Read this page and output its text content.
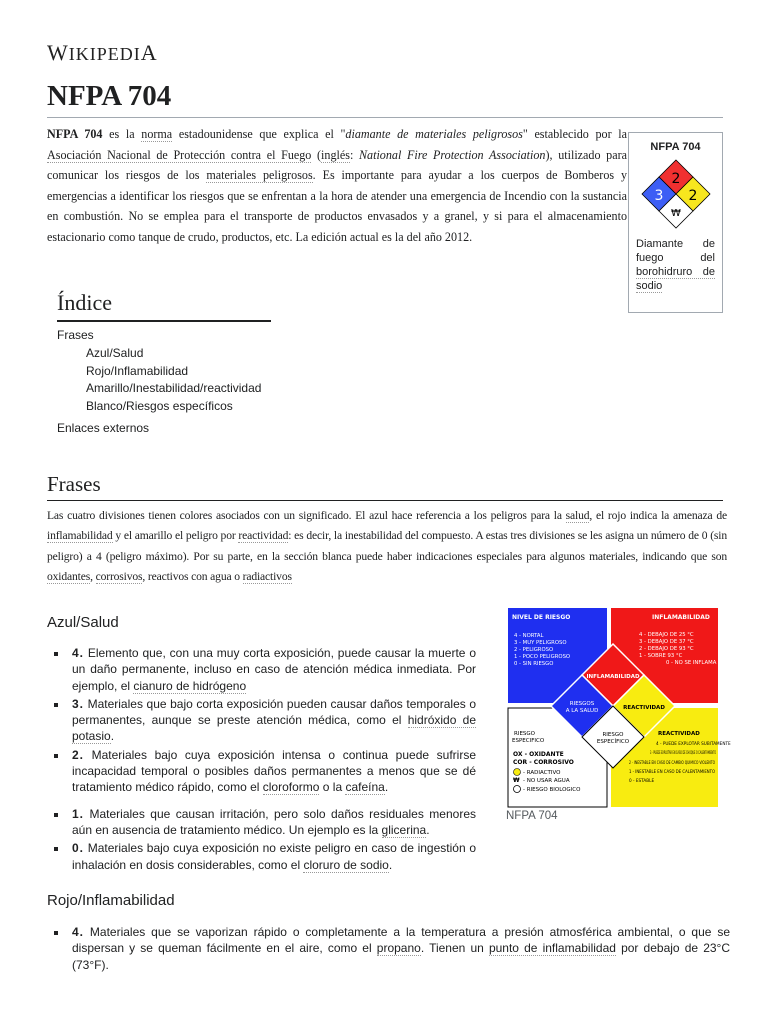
WIKIPEDIA
NFPA 704
NFPA 704 es la norma estadounidense que explica el "diamante de materiales peligrosos" establecido por la Asociación Nacional de Protección contra el Fuego (inglés: National Fire Protection Association), utilizado para comunicar los riesgos de los materiales peligrosos. Es importante para ayudar a los cuerpos de Bomberos y emergencias a identificar los riesgos que se enfrentan a la hora de atender una emergencia de Incendio con la sustancia en combustión. No se emplea para el transporte de productos envasados y a granel, y si para el almacenamiento estacionario como tanque de crudo, productos, etc. La edición actual es la del año 2012.
NFPA 704
2
3 2
₩
Diamante de fuego del borohidruro de sodio
Índice
Frases
Azul/Salud
Rojo/Inflamabilidad
Amarillo/Inestabilidad/reactividad
Blanco/Riesgos específicos
Enlaces externos
Frases
Las cuatro divisiones tienen colores asociados con un significado. El azul hace referencia a los peligros para la salud, el rojo indica la amenaza de inflamabilidad y el amarillo el peligro por reactividad: es decir, la inestabilidad del compuesto. A estas tres divisiones se les asigna un número de 0 (sin peligro) a 4 (peligro máximo). Por su parte, en la sección blanca puede haber indicaciones especiales para algunos materiales, indicando que son oxidantes, corrosivos, reactivos con agua o radiactivos
Azul/Salud
4. Elemento que, con una muy corta exposición, puede causar la muerte o un daño permanente, incluso en caso de atención médica inmediata. Por ejemplo, el cianuro de hidrógeno
3. Materiales que bajo corta exposición pueden causar daños temporales o permanentes, aunque se preste atención médica, como el hidróxido de potasio.
2. Materiales bajo cuya exposición intensa o continua puede sufrirse incapacidad temporal o posibles daños permanentes a menos que se dé tratamiento médico rápido, como el cloroformo o la cafeína.
1. Materiales que causan irritación, pero solo daños residuales menores aún en ausencia de tratamiento médico. Un ejemplo es la glicerina.
0. Materiales bajo cuya exposición no existe peligro en caso de ingestión o inhalación en dosis considerables, como el cloruro de sodio.
NIVEL DE RIESGO
4 - NORTAL
3 - MUY PELIGROSO
2 - PELIGROSO
1 - POCO PELIGROSO
0 - SIN RIESGO
INFLAMABILIDAD
4 - DEBAJO DE 25 °C
3 - DEBAJO DE 37 °C
2 - DEBAJO DE 93 °C
1 - SOBRE 93 °C
0 - NO SE INFLAMA
INFLAMABILIDAD
RIESGOS
A LA SALUD	REACTIVIDAD
RIESGO
ESPECÍFICO
RIESGO
ESPECIFICO
OX - OXIDANTE
COR - CORROSIVO
- RADIACTIVO
₩ - NO USAR AGUA
- RIESGO BIOLOGICO
REACTIVIDAD
4 - PUEDE EXPLOTAR SUBITAMENTE
3 - PUEDE EXPLOTAR EN CASO DE CHOQUE O CALENTAMIENTO
2 - INESTABLE EN CASO DE CAMBIO QUIMICO VIOLENTO
1 - INESTABLE EN CASO DE CALENTAMIENTO
0 - ESTABLE
NFPA 704
Rojo/Inflamabilidad
4. Materiales que se vaporizan rápido o completamente a la temperatura a presión atmosférica ambiental, o que se dispersan y se queman fácilmente en el aire, como el propano. Tienen un punto de inflamabilidad por debajo de 23°C (73°F).
